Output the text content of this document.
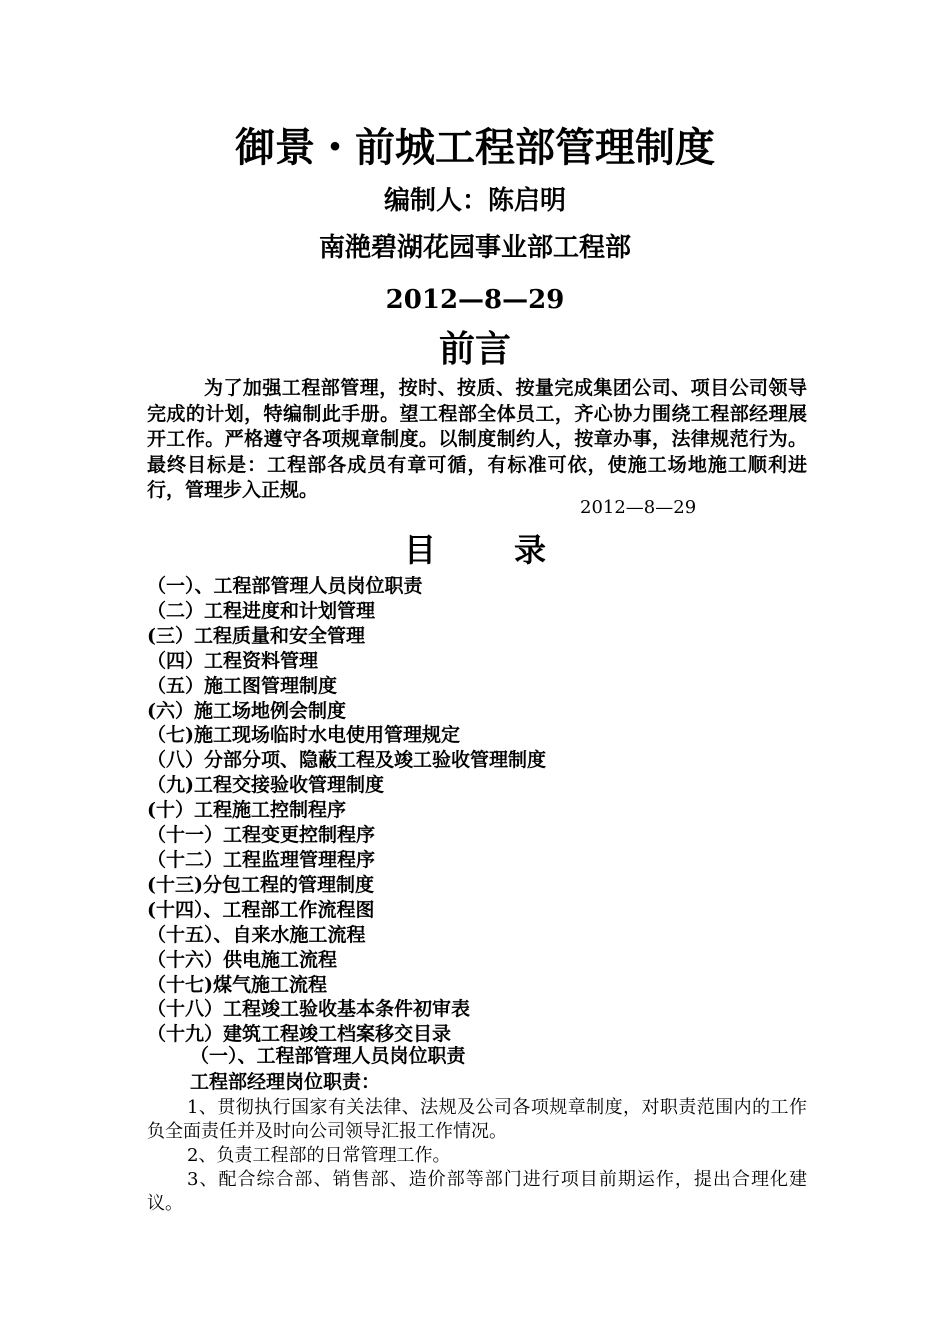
御景・前城工程部管理制度
编制人：陈启明
南滟碧湖花园事业部工程部
2012—8—29
前言

为了加强工程部管理，按时、按质、按量完成集团公司、项目公司领导完成的计划，特编制此手册。望工程部全体员工，齐心协力围绕工程部经理展开工作。严格遵守各项规章制度。以制度制约人，按章办事，法律规范行为。最终目标是：工程部各成员有章可循，有标准可依，使施工场地施工顺利进行，管理步入正规。

2012—8—29
目 录
（一）、工程部管理人员岗位职责
（二）工程进度和计划管理
(三）工程质量和安全管理
（四）工程资料管理
（五）施工图管理制度
(六）施工场地例会制度
（七)施工现场临时水电使用管理规定
（八）分部分项、隐蔽工程及竣工验收管理制度
（九)工程交接验收管理制度
(十）工程施工控制程序
（十一）工程变更控制程序
（十二）工程监理管理程序
(十三)分包工程的管理制度
(十四）、工程部工作流程图
（十五）、自来水施工流程
（十六）供电施工流程
（十七)煤气施工流程
（十八）工程竣工验收基本条件初审表
（十九）建筑工程竣工档案移交目录
（一）、工程部管理人员岗位职责
工程部经理岗位职责：

1、贯彻执行国家有关法律、法规及公司各项规章制度，对职责范围内的工作负全面责任并及时向公司领导汇报工作情况。

2、负责工程部的日常管理工作。

3、配合综合部、销售部、造价部等部门进行项目前期运作，提出合理化建议。
